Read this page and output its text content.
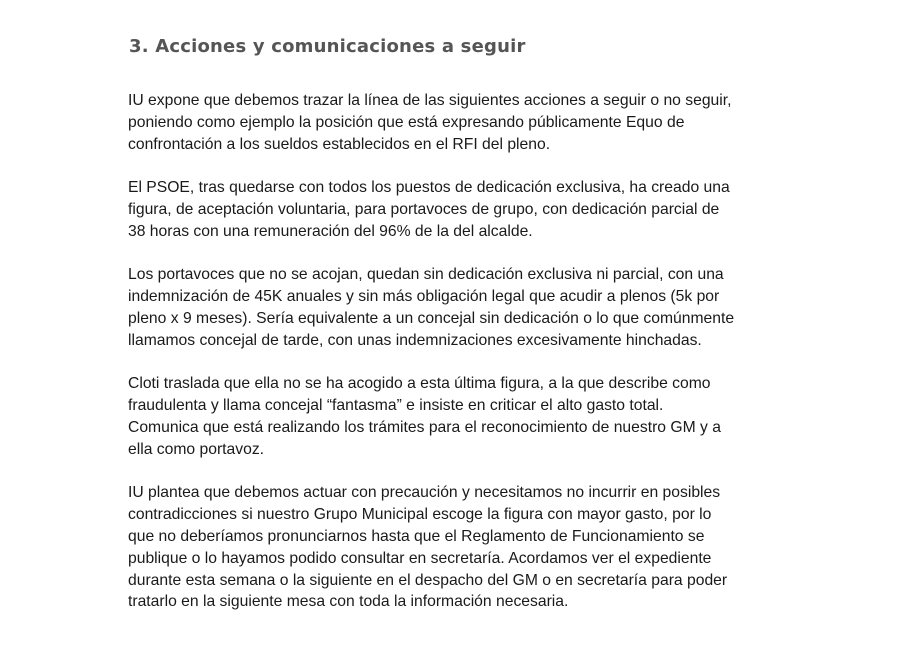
3. Acciones y comunicaciones a seguir

IU expone que debemos trazar la línea de las siguientes acciones a seguir o no seguir,
poniendo como ejemplo la posición que está expresando públicamente Equo de
confrontación a los sueldos establecidos en el RFI del pleno.

El PSOE, tras quedarse con todos los puestos de dedicación exclusiva, ha creado una
figura, de aceptación voluntaria, para portavoces de grupo, con dedicación parcial de
38 horas con una remuneración del 96% de la del alcalde.

Los portavoces que no se acojan, quedan sin dedicación exclusiva ni parcial, con una
indemnización de 45K anuales y sin más obligación legal que acudir a plenos (5k por
pleno x 9 meses). Sería equivalente a un concejal sin dedicación o lo que comúnmente
llamamos concejal de tarde, con unas indemnizaciones excesivamente hinchadas.

Cloti traslada que ella no se ha acogido a esta última figura, a la que describe como
fraudulenta y llama concejal “fantasma” e insiste en criticar el alto gasto total.
Comunica que está realizando los trámites para el reconocimiento de nuestro GM y a
ella como portavoz.

IU plantea que debemos actuar con precaución y necesitamos no incurrir en posibles
contradicciones si nuestro Grupo Municipal escoge la figura con mayor gasto, por lo
que no deberíamos pronunciarnos hasta que el Reglamento de Funcionamiento se
publique o lo hayamos podido consultar en secretaría. Acordamos ver el expediente
durante esta semana o la siguiente en el despacho del GM o en secretaría para poder
tratarlo en la siguiente mesa con toda la información necesaria.
